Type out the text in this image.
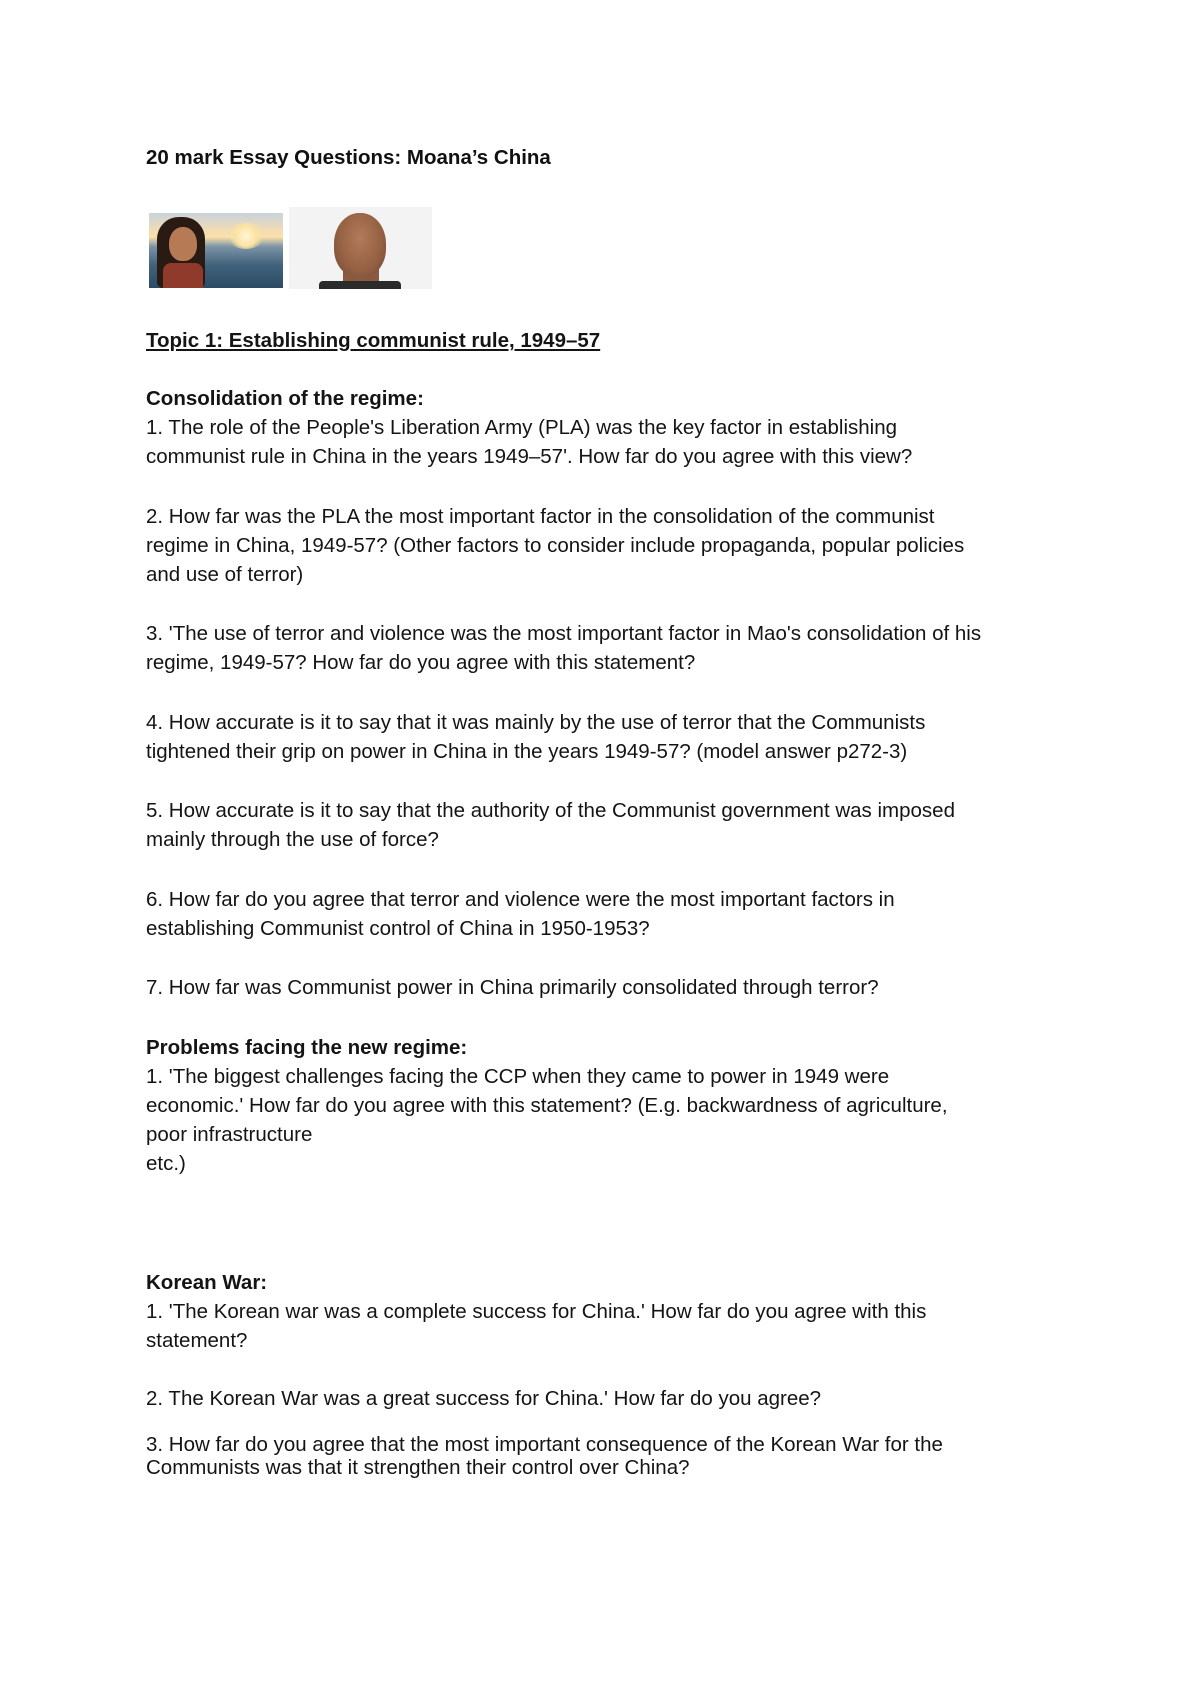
20 mark Essay Questions: Moana’s China
Topic 1: Establishing communist rule, 1949–57
Consolidation of the regime:
1. The role of the People's Liberation Army (PLA) was the key factor in establishing
communist rule in China in the years 1949–57'. How far do you agree with this view?
2. How far was the PLA the most important factor in the consolidation of the communist
regime in China, 1949-57? (Other factors to consider include propaganda, popular policies
and use of terror)
3. 'The use of terror and violence was the most important factor in Mao's consolidation of his
regime, 1949-57? How far do you agree with this statement?
4. How accurate is it to say that it was mainly by the use of terror that the Communists
tightened their grip on power in China in the years 1949-57? (model answer p272-3)
5. How accurate is it to say that the authority of the Communist government was imposed
mainly through the use of force?
6. How far do you agree that terror and violence were the most important factors in
establishing Communist control of China in 1950-1953?
7. How far was Communist power in China primarily consolidated through terror?
Problems facing the new regime:
1. 'The biggest challenges facing the CCP when they came to power in 1949 were
economic.' How far do you agree with this statement? (E.g. backwardness of agriculture,
poor infrastructure
etc.)
Korean War:
1. 'The Korean war was a complete success for China.' How far do you agree with this
statement?
2. The Korean War was a great success for China.' How far do you agree?
3. How far do you agree that the most important consequence of the Korean War for the
Communists was that it strengthen their control over China?
